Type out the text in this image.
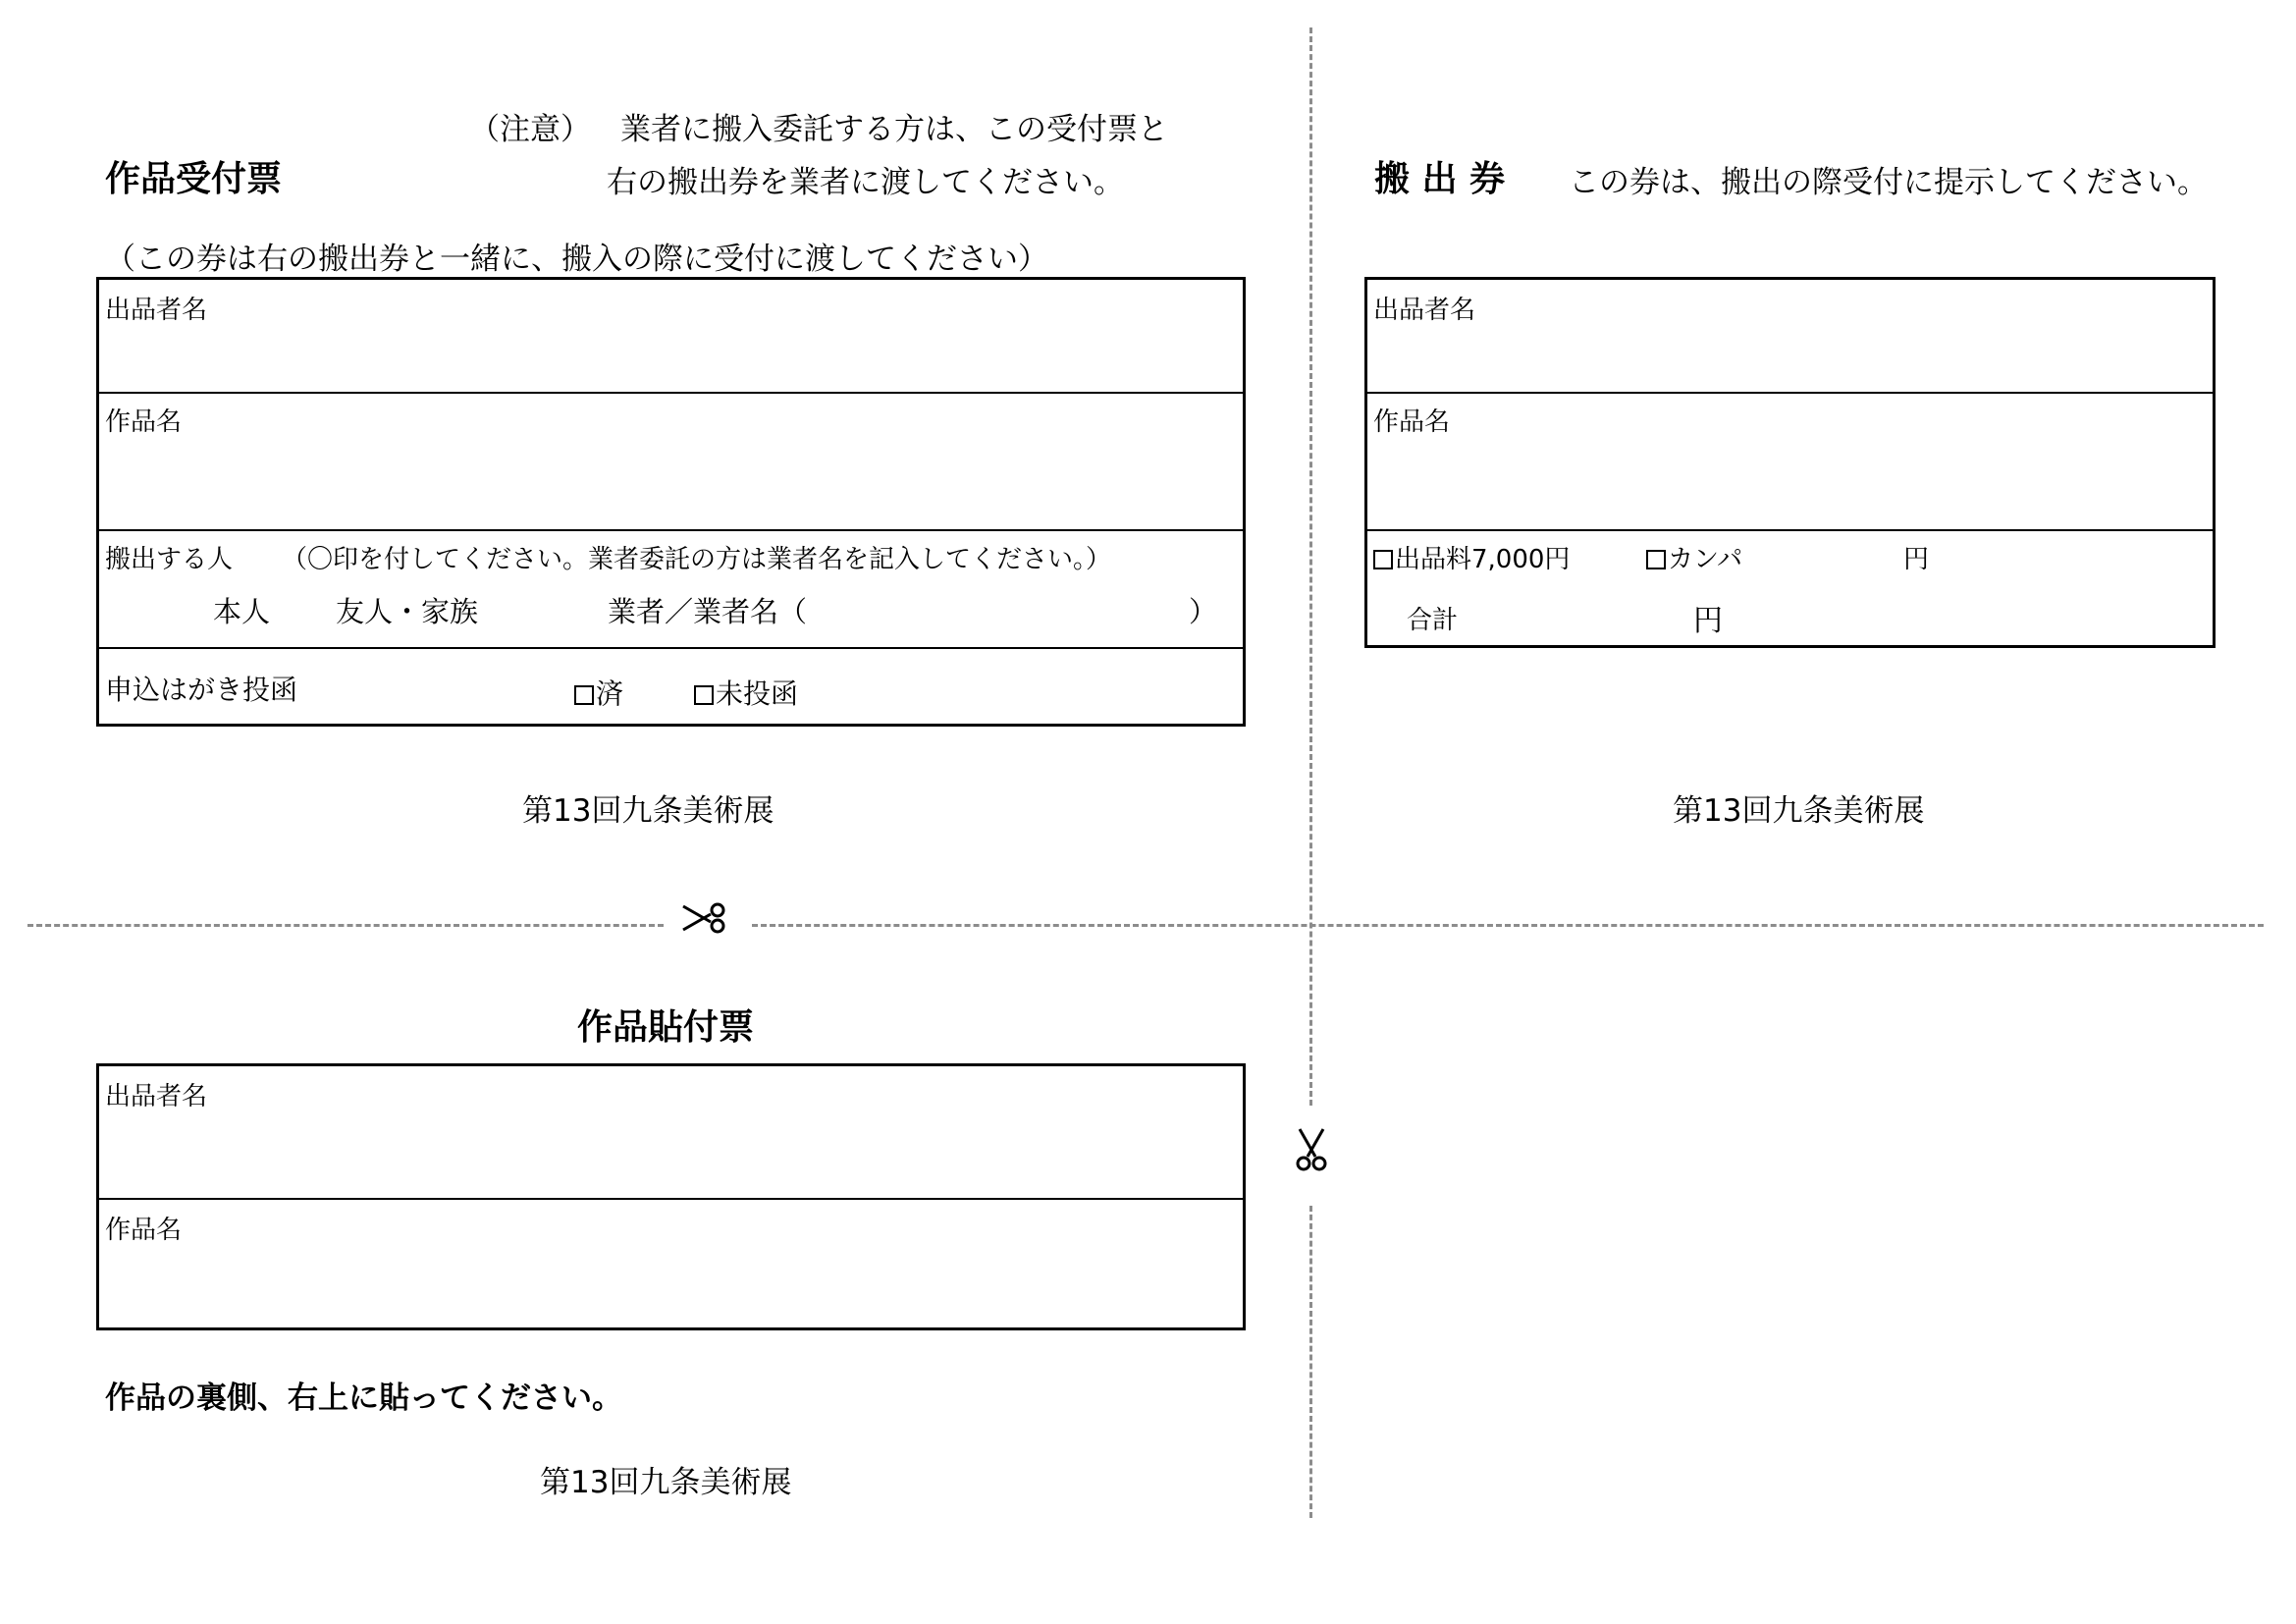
（注意） 業者に搬入委託する方は、この受付票と
作品受付票	右の搬出券を業者に渡してください。
（この券は右の搬出券と一緒に、搬入の際に受付に渡してください）
出品者名
作品名
搬出する人 （〇印を付してください。業者委託の方は業者名を記入してください。）
本人 友人・家族	業者／業者名（	）
申込はがき投函	済	未投函
第13回九条美術展
搬 出 券 この券は、搬出の際受付に提示してください。
出品者名
作品名
出品料7,000円	カンパ	円
合計	円
第13回九条美術展
作品貼付票
出品者名
作品名
作品の裏側、右上に貼ってください。
第13回九条美術展
